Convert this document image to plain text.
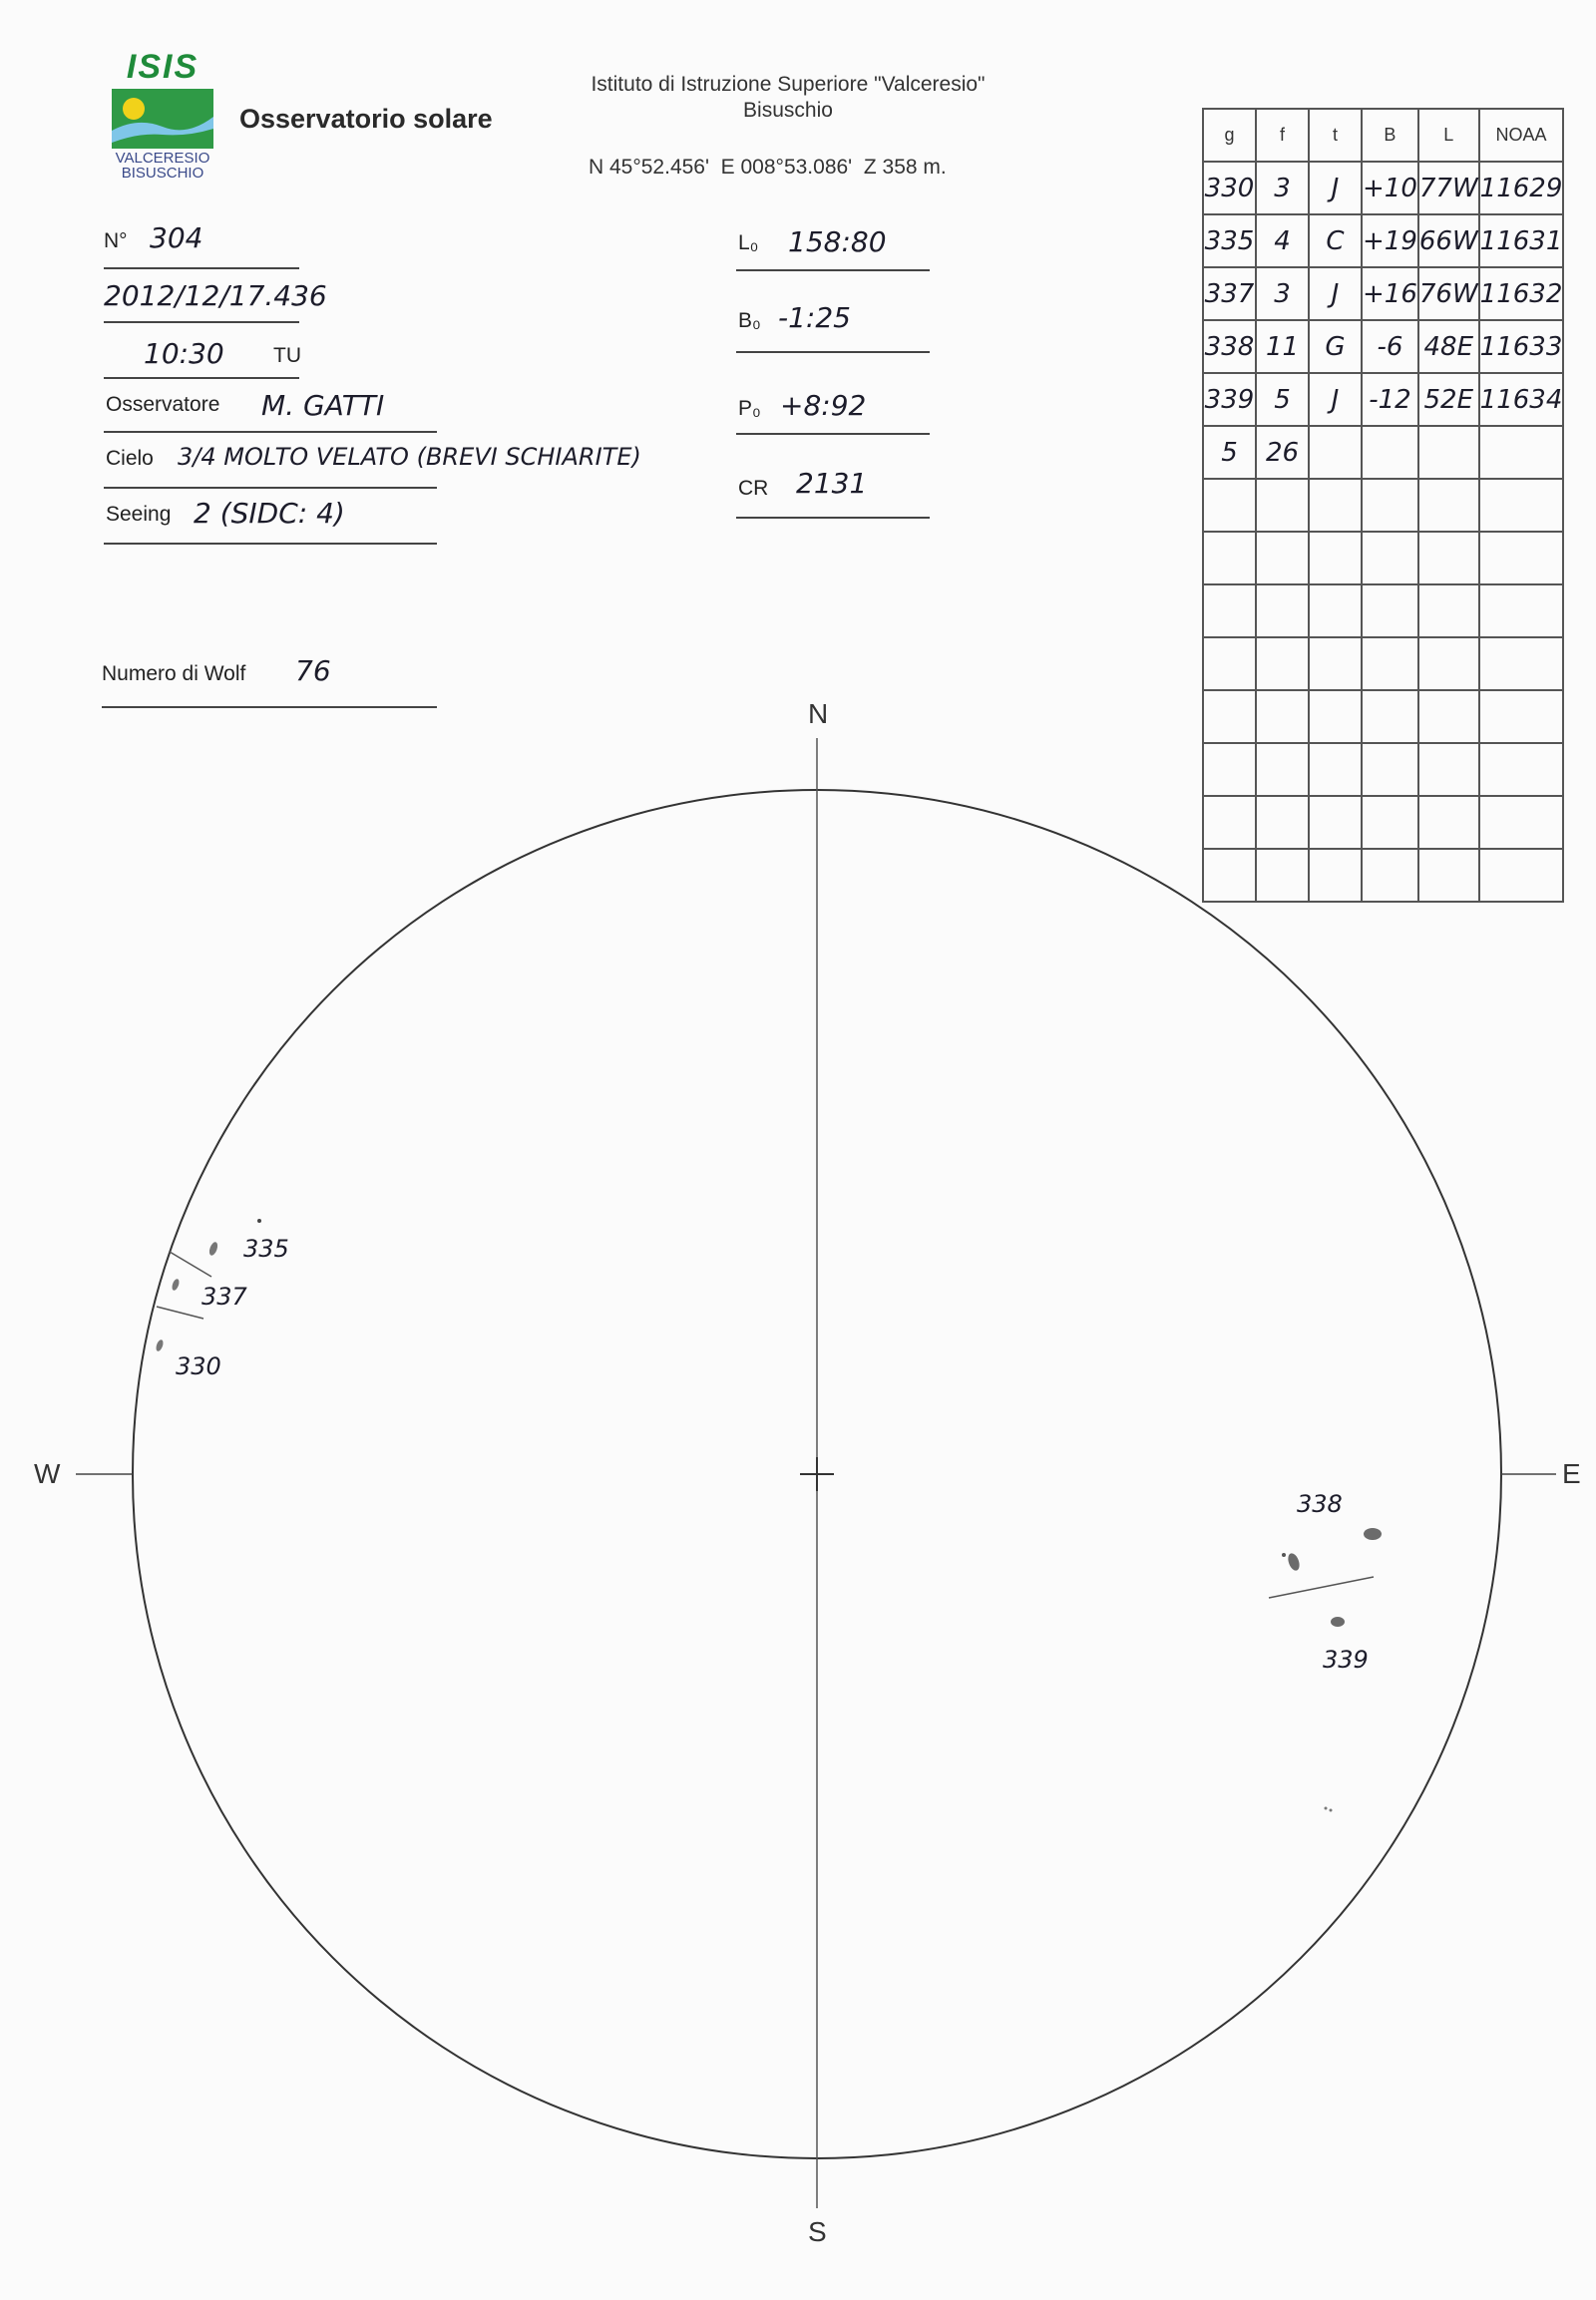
ISIS
VALCERESIO
BISUSCHIO
Osservatorio solare
Istituto di Istruzione Superiore "Valceresio"
Bisuschio
N 45°52.456'  E 008°53.086'  Z 358 m.
N° 304
2012/12/17.436
10:30 TU
Osservatore M. GATTI
Cielo 3/4 MOLTO VELATO (BREVI SCHIARITE)
Seeing 2 (SIDC: 4)
Numero di Wolf 76
L₀ 158:80
B₀ -1:25
P₀ +8:92
CR 2131
g	f	t	B	L	NOAA
330	3	J	+10	77W	11629
335	4	C	+19	66W	11631
337	3	J	+16	76W	11632
338	11	G	-6	48E	11633
339	5	J	-12	52E	11634
5	26				

N
S
E
W
335
337
330
338
339
